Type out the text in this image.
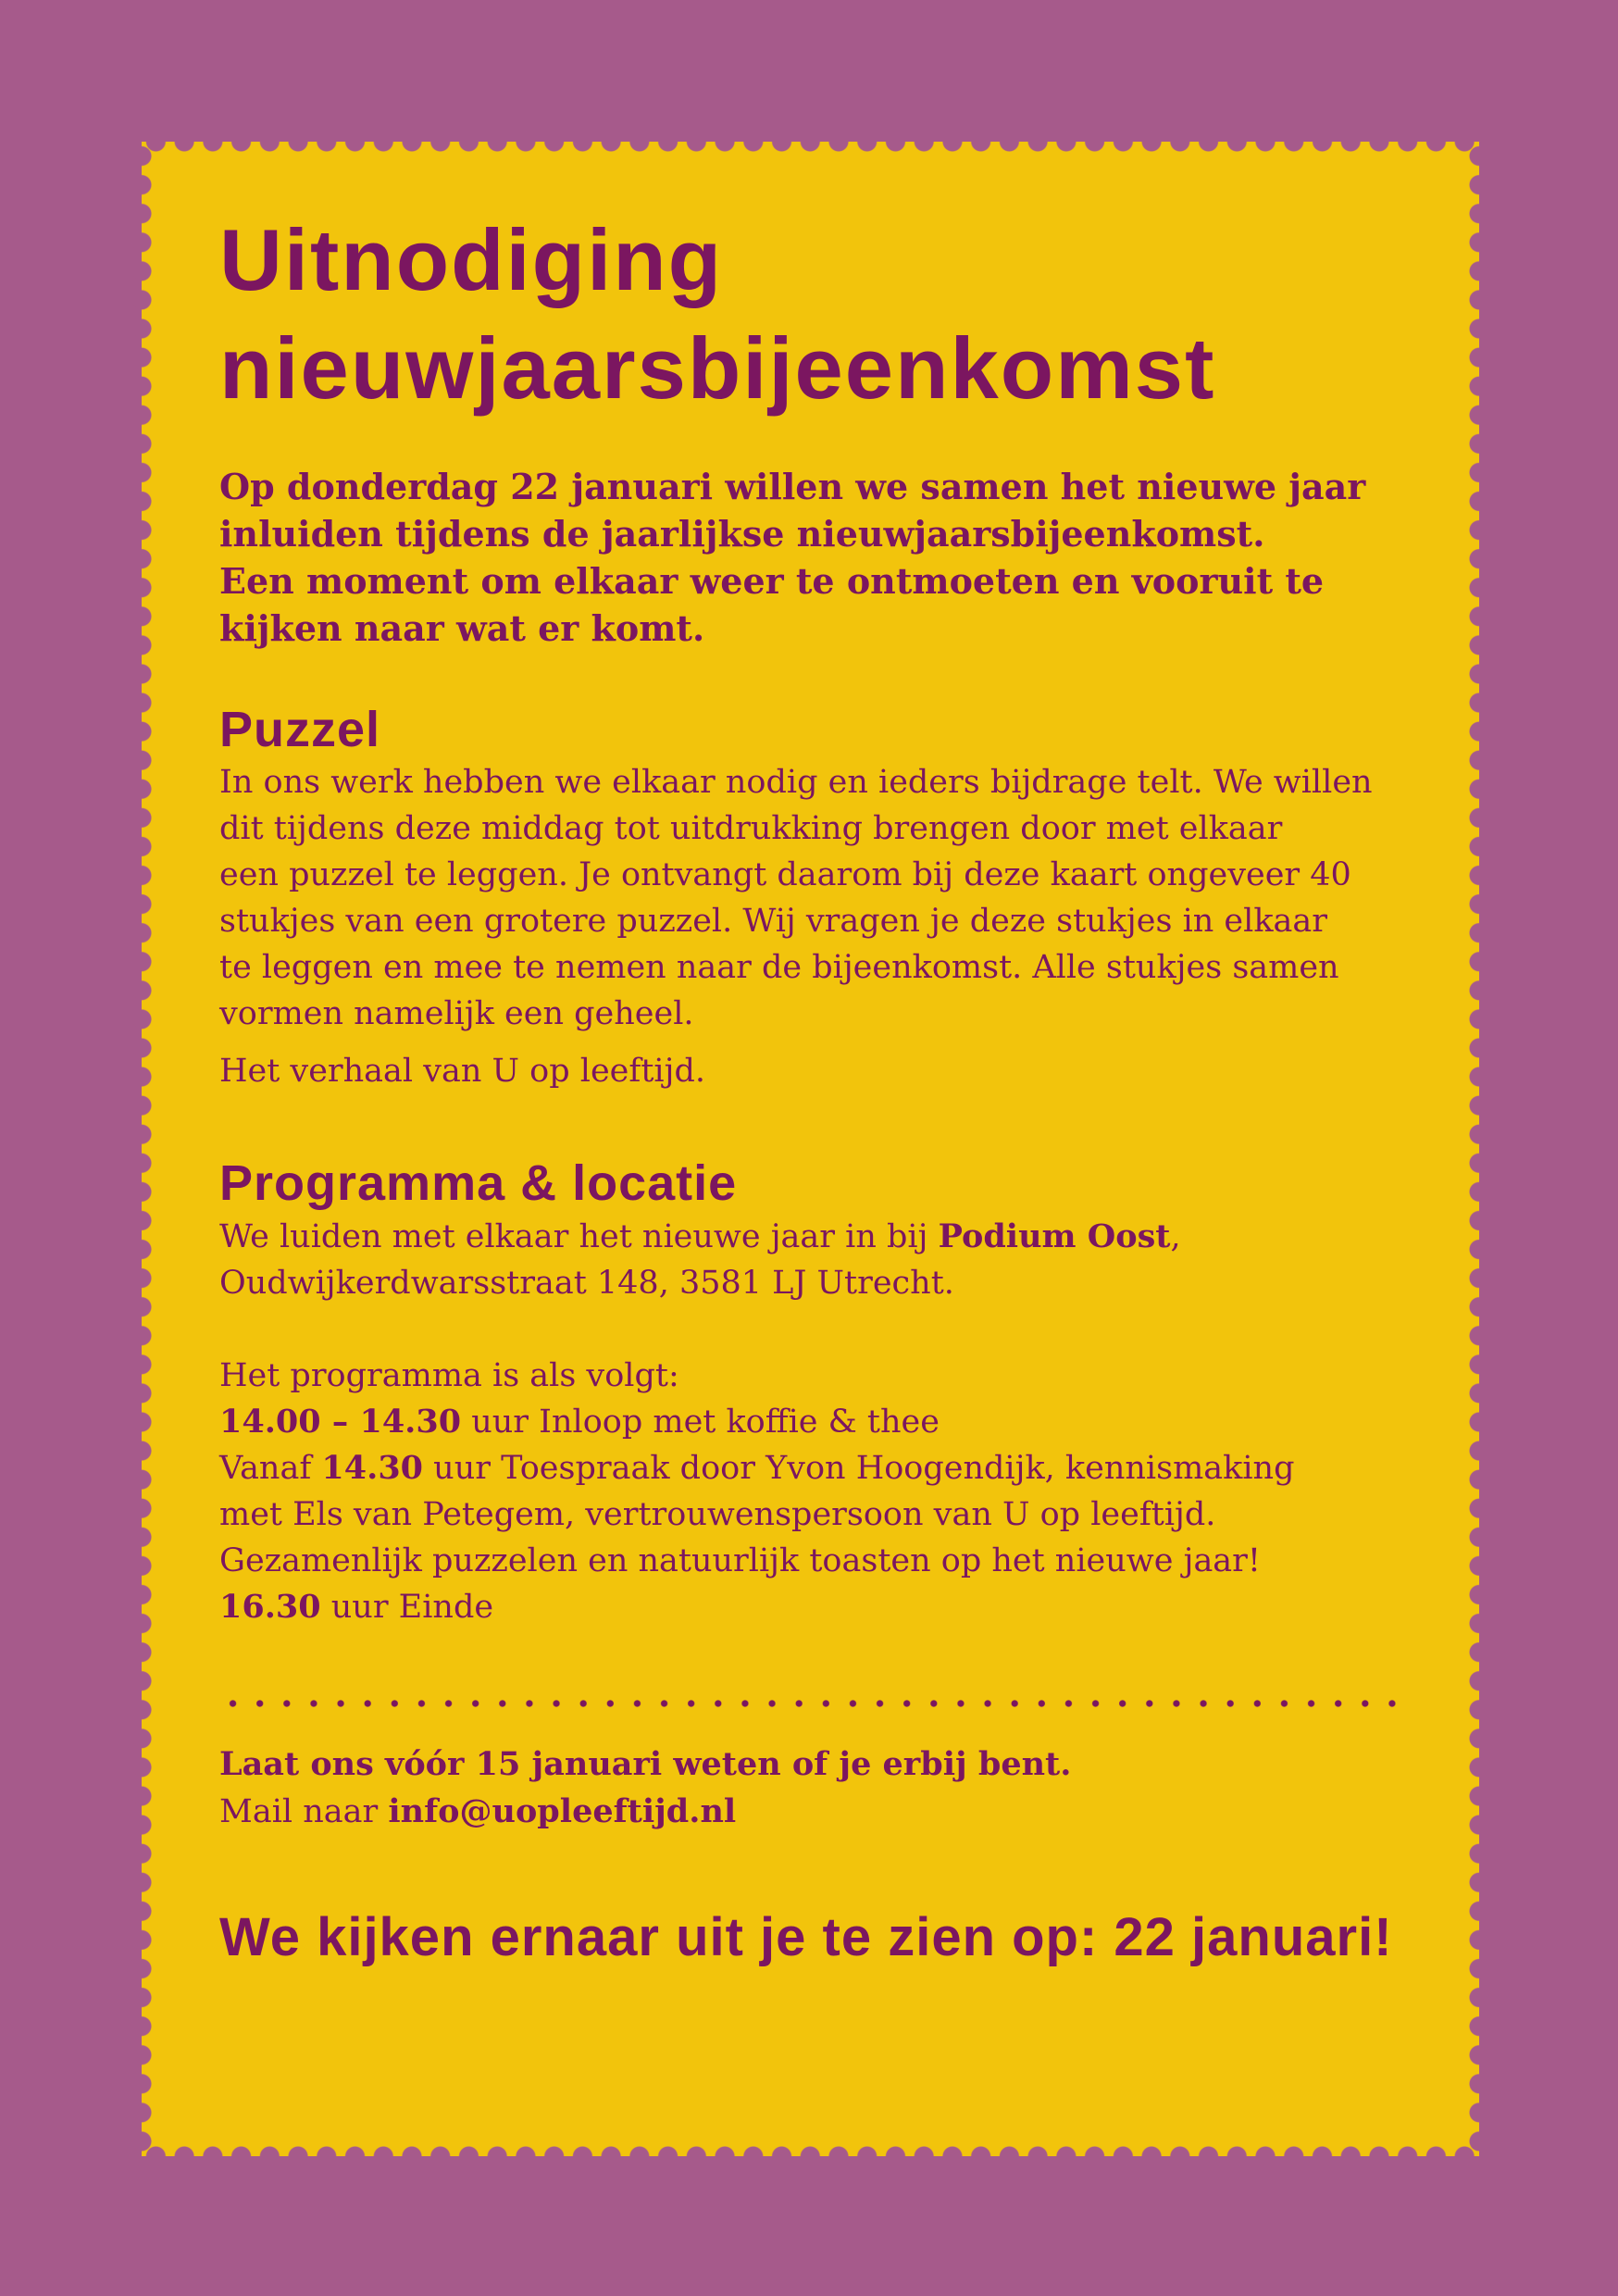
Uitnodiging
nieuwjaarsbijeenkomst
Op donderdag 22 januari willen we samen het nieuwe jaar
inluiden tijdens de jaarlijkse nieuwjaarsbijeenkomst.
Een moment om elkaar weer te ontmoeten en vooruit te
kijken naar wat er komt.
Puzzel
In ons werk hebben we elkaar nodig en ieders bijdrage telt. We willen
dit tijdens deze middag tot uitdrukking brengen door met elkaar
een puzzel te leggen. Je ontvangt daarom bij deze kaart ongeveer 40
stukjes van een grotere puzzel. Wij vragen je deze stukjes in elkaar
te leggen en mee te nemen naar de bijeenkomst. Alle stukjes samen
vormen namelijk een geheel.
Het verhaal van U op leeftijd.
Programma & locatie
We luiden met elkaar het nieuwe jaar in bij Podium Oost,
Oudwijkerdwarsstraat 148, 3581 LJ Utrecht.
Het programma is als volgt:
14.00 – 14.30 uur Inloop met koffie & thee
Vanaf 14.30 uur Toespraak door Yvon Hoogendijk, kennismaking
met Els van Petegem, vertrouwenspersoon van U op leeftijd.
Gezamenlijk puzzelen en natuurlijk toasten op het nieuwe jaar!
16.30 uur Einde
Laat ons vóór 15 januari weten of je erbij bent.
Mail naar info@uopleeftijd.nl
We kijken ernaar uit je te zien op: 22 januari!
